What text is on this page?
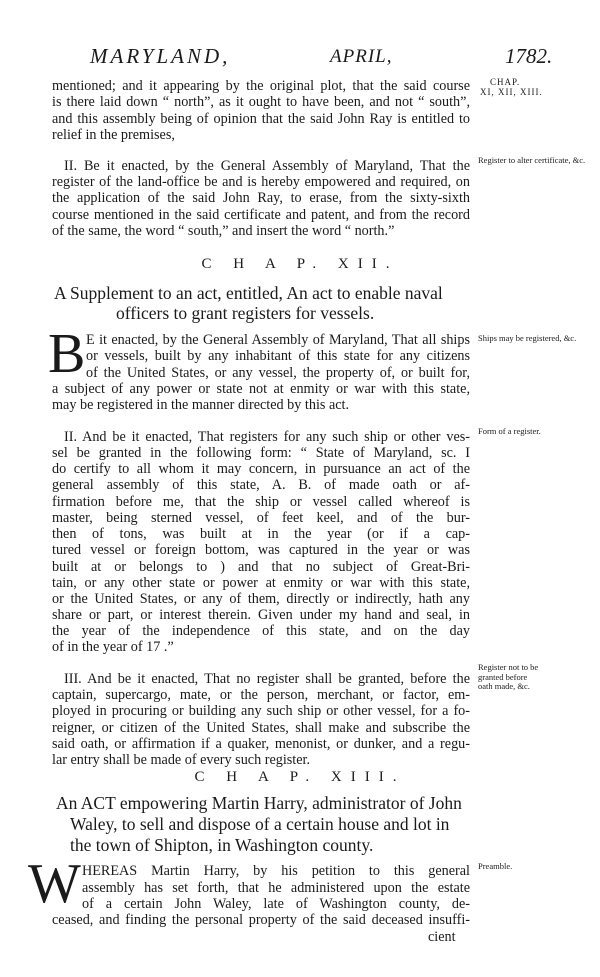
MARYLAND,	APRIL,	1782.
CHAP.
XI, XII, XIII.
mentioned; and it appearing by the original plot, that the said course
is there laid down “ north”, as it ought to have been, and not “ south”,
and this assembly being of opinion that the said John Ray is entitled to
relief in the premises,
II. Be it enacted, by the General Assembly of Maryland, That the
register of the land-office be and is hereby empowered and required, on
the application of the said John Ray, to erase, from the sixty-sixth
course mentioned in the said certificate and patent, and from the record
of the same, the word “ south,” and insert the word “ north.”
Register to alter certificate, &c.
C H A P. XII.
A Supplement to an act, entitled, An act to enable naval
officers to grant registers for vessels.
B E it enacted, by the General Assembly of Maryland, That all ships
or vessels, built by any inhabitant of this state for any citizens
of the United States, or any vessel, the property of, or built for,
a subject of any power or state not at enmity or war with this state,
may be registered in the manner directed by this act.
Ships may be registered, &c.
II. And be it enacted, That registers for any such ship or other ves-
sel be granted in the following form: “ State of Maryland, sc. I
do certify to all whom it may concern, in pursuance an act of the
general assembly of this state, A. B. of made oath or af-
firmation before me, that the ship or vessel called whereof is
master, being sterned vessel, of feet keel, and of the bur-
then of tons, was built at in the year (or if a cap-
tured vessel or foreign bottom, was captured in the year or was
built at or belongs to ) and that no subject of Great-Bri-
tain, or any other state or power at enmity or war with this state,
or the United States, or any of them, directly or indirectly, hath any
share or part, or interest therein. Given under my hand and seal, in
the year of the independence of this state, and on the day
of in the year of 17 .”
Form of a register.
III. And be it enacted, That no register shall be granted, before the
captain, supercargo, mate, or the person, merchant, or factor, em-
ployed in procuring or building any such ship or other vessel, for a fo-
reigner, or citizen of the United States, shall make and subscribe the
said oath, or affirmation if a quaker, menonist, or dunker, and a regu-
lar entry shall be made of every such register.
Register not to be granted before oath made, &c.
C H A P. XIII.
An ACT empowering Martin Harry, administrator of John
Waley, to sell and dispose of a certain house and lot in
the town of Shipton, in Washington county.
W HEREAS Martin Harry, by his petition to this general
assembly has set forth, that he administered upon the estate
of a certain John Waley, late of Washington county, de-
ceased, and finding the personal property of the said deceased insuffi-
cient
Preamble.
